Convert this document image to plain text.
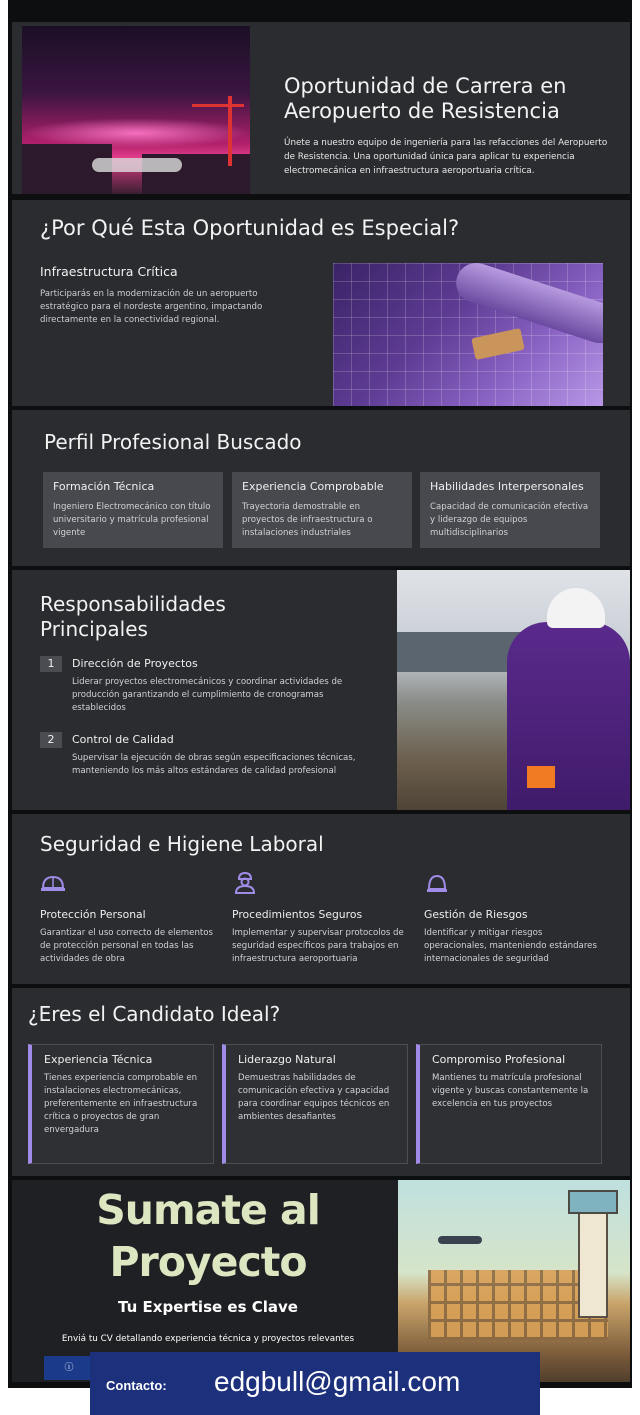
Oportunidad de Carrera en Aeropuerto de Resistencia

Únete a nuestro equipo de ingeniería para las refacciones del Aeropuerto de Resistencia. Una oportunidad única para aplicar tu experiencia electromecánica en infraestructura aeroportuaria crítica.

¿Por Qué Esta Oportunidad es Especial?
Infraestructura Crítica

Participarás en la modernización de un aeropuerto estratégico para el nordeste argentino, impactando directamente en la conectividad regional.

Perfil Profesional Buscado
Formación Técnica
Ingeniero Electromecánico con título universitario y matrícula profesional vigente
Experiencia Comprobable
Trayectoria demostrable en proyectos de infraestructura o instalaciones industriales
Habilidades Interpersonales
Capacidad de comunicación efectiva y liderazgo de equipos multidisciplinarios
Responsabilidades Principales
1	Dirección de Proyectos
Liderar proyectos electromecánicos y coordinar actividades de producción garantizando el cumplimiento de cronogramas establecidos
2	Control de Calidad
Supervisar la ejecución de obras según especificaciones técnicas, manteniendo los más altos estándares de calidad profesional
Seguridad e Higiene Laboral
Protección Personal
Garantizar el uso correcto de elementos de protección personal en todas las actividades de obra
Procedimientos Seguros
Implementar y supervisar protocolos de seguridad específicos para trabajos en infraestructura aeroportuaria
Gestión de Riesgos
Identificar y mitigar riesgos operacionales, manteniendo estándares internacionales de seguridad
¿Eres el Candidato Ideal?
Experiencia Técnica
Tienes experiencia comprobable en instalaciones electromecánicas, preferentemente en infraestructura crítica o proyectos de gran envergadura
Liderazgo Natural
Demuestras habilidades de comunicación efectiva y capacidad para coordinar equipos técnicos en ambientes desafiantes
Compromiso Profesional
Mantienes tu matrícula profesional vigente y buscas constantemente la excelencia en tus proyectos
Sumate al
Proyecto
Tu Expertise es Clave
Enviá tu CV detallando experiencia técnica y proyectos relevantes
ⓘ
Contacto: edgbull@gmail.com
